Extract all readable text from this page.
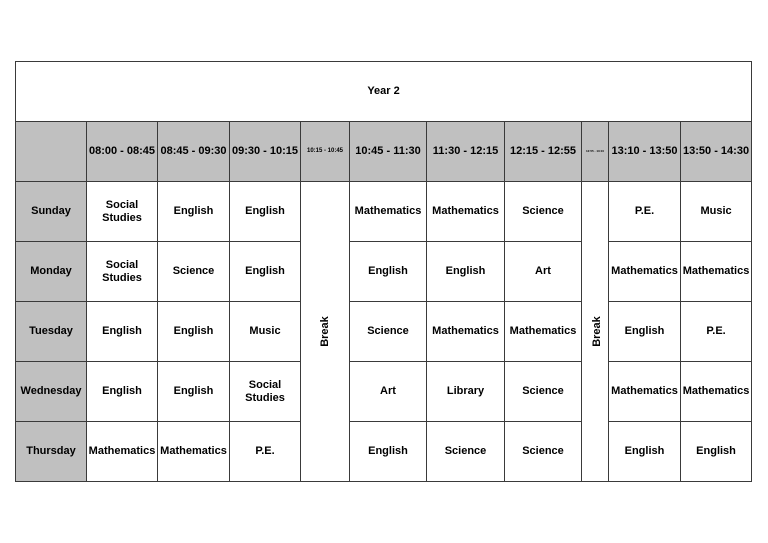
Year 2										
	08:00 - 08:45	08:45 - 09:30	09:30 - 10:15	10:15 - 10:45	10:45 - 11:30	11:30 - 12:15	12:15 - 12:55	12:55 - 13:10	13:10 - 13:50	13:50 - 14:30
Sunday	Social Studies	English	English	Break	Mathematics	Mathematics	Science	Break	P.E.	Music
Monday	Social Studies	Science	English		English	English	Art		Mathematics	Mathematics
Tuesday	English	English	Music		Science	Mathematics	Mathematics		English	P.E.
Wednesday	English	English	Social Studies		Art	Library	Science		Mathematics	Mathematics
Thursday	Mathematics	Mathematics	P.E.		English	Science	Science		English	English
